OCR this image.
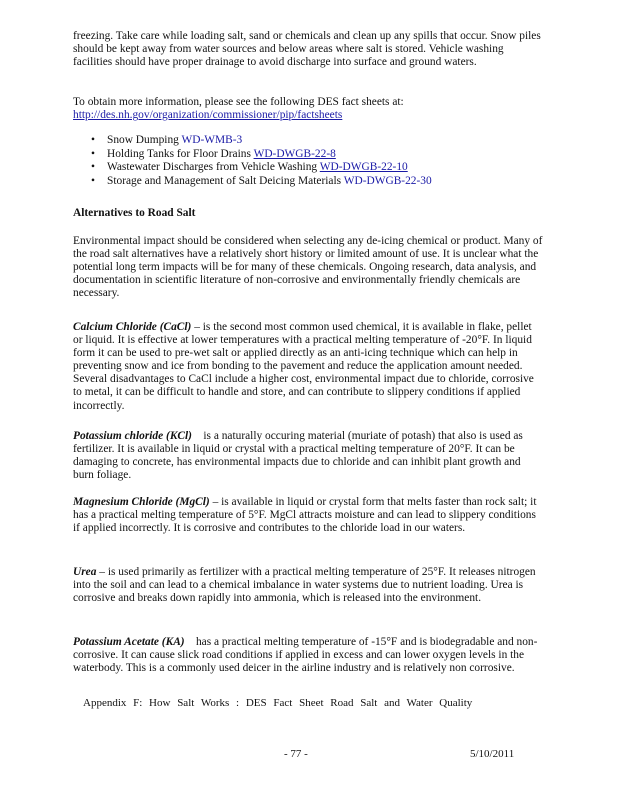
freezing. Take care while loading salt, sand or chemicals and clean up any spills that occur. Snow piles should be kept away from water sources and below areas where salt is stored. Vehicle washing facilities should have proper drainage to avoid discharge into surface and ground waters.

To obtain more information, please see the following DES fact sheets at:

http://des.nh.gov/organization/commissioner/pip/factsheets
• Snow Dumping WD-WMB-3
• Holding Tanks for Floor Drains WD-DWGB-22-8
• Wastewater Discharges from Vehicle Washing WD-DWGB-22-10
• Storage and Management of Salt Deicing Materials WD-DWGB-22-30
Alternatives to Road Salt

Environmental impact should be considered when selecting any de-icing chemical or product. Many of the road salt alternatives have a relatively short history or limited amount of use. It is unclear what the potential long term impacts will be for many of these chemicals. Ongoing research, data analysis, and documentation in scientific literature of non-corrosive and environmentally friendly chemicals are necessary.

Calcium Chloride (CaCl) – is the second most common used chemical, it is available in flake, pellet or liquid. It is effective at lower temperatures with a practical melting temperature of -20°F. In liquid form it can be used to pre-wet salt or applied directly as an anti-icing technique which can help in preventing snow and ice from bonding to the pavement and reduce the application amount needed. Several disadvantages to CaCl include a higher cost, environmental impact due to chloride, corrosive to metal, it can be difficult to handle and store, and can contribute to slippery conditions if applied incorrectly.

Potassium chloride (KCl)    is a naturally occuring material (muriate of potash) that also is used as fertilizer. It is available in liquid or crystal with a practical melting temperature of 20°F. It can be damaging to concrete, has environmental impacts due to chloride and can inhibit plant growth and burn foliage.

Magnesium Chloride (MgCl) – is available in liquid or crystal form that melts faster than rock salt; it has a practical melting temperature of 5°F. MgCl attracts moisture and can lead to slippery conditions if applied incorrectly. It is corrosive and contributes to the chloride load in our waters.

Urea – is used primarily as fertilizer with a practical melting temperature of 25°F. It releases nitrogen into the soil and can lead to a chemical imbalance in water systems due to nutrient loading. Urea is corrosive and breaks down rapidly into ammonia, which is released into the environment.

Potassium Acetate (KA)    has a practical melting temperature of -15°F and is biodegradable and non-corrosive. It can cause slick road conditions if applied in excess and can lower oxygen levels in the waterbody. This is a commonly used deicer in the airline industry and is relatively non corrosive.

Appendix F: How Salt Works : DES Fact Sheet Road Salt and Water Quality
- 77 -	5/10/2011
